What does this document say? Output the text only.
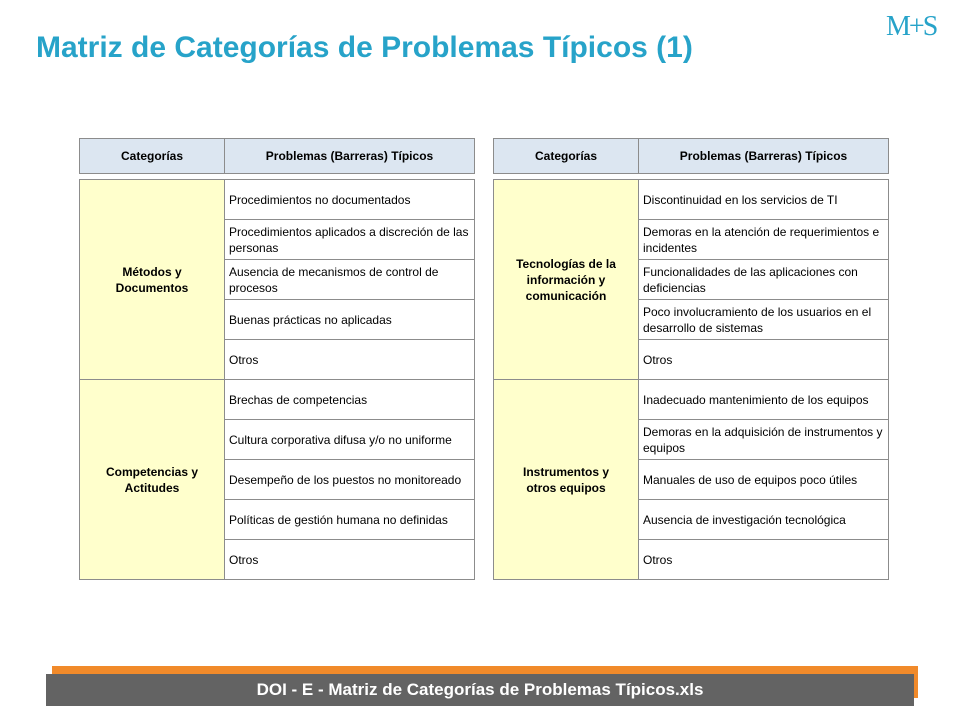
Matriz de Categorías de Problemas Típicos (1)
M+S
Categorías	Problemas (Barreras) Típicos

Métodos y Documentos	Procedimientos no documentados
	Procedimientos aplicados a discreción de las personas
	Ausencia de mecanismos de control de procesos
	Buenas prácticas no aplicadas
	Otros
Competencias y Actitudes	Brechas de competencias
	Cultura corporativa difusa y/o no uniforme
	Desempeño de los puestos no monitoreado
	Políticas de gestión humana no definidas
	Otros
Categorías	Problemas (Barreras) Típicos

Tecnologías de la información y comunicación	Discontinuidad en los servicios de TI
	Demoras en la atención de requerimientos e incidentes
	Funcionalidades de las aplicaciones con deficiencias
	Poco involucramiento de los usuarios en el desarrollo de sistemas
	Otros
Instrumentos y otros equipos	Inadecuado mantenimiento de los equipos
	Demoras en la adquisición de instrumentos y equipos
	Manuales de uso de equipos poco útiles
	Ausencia de investigación tecnológica
	Otros
DOI - E - Matriz de Categorías de Problemas Típicos.xls
